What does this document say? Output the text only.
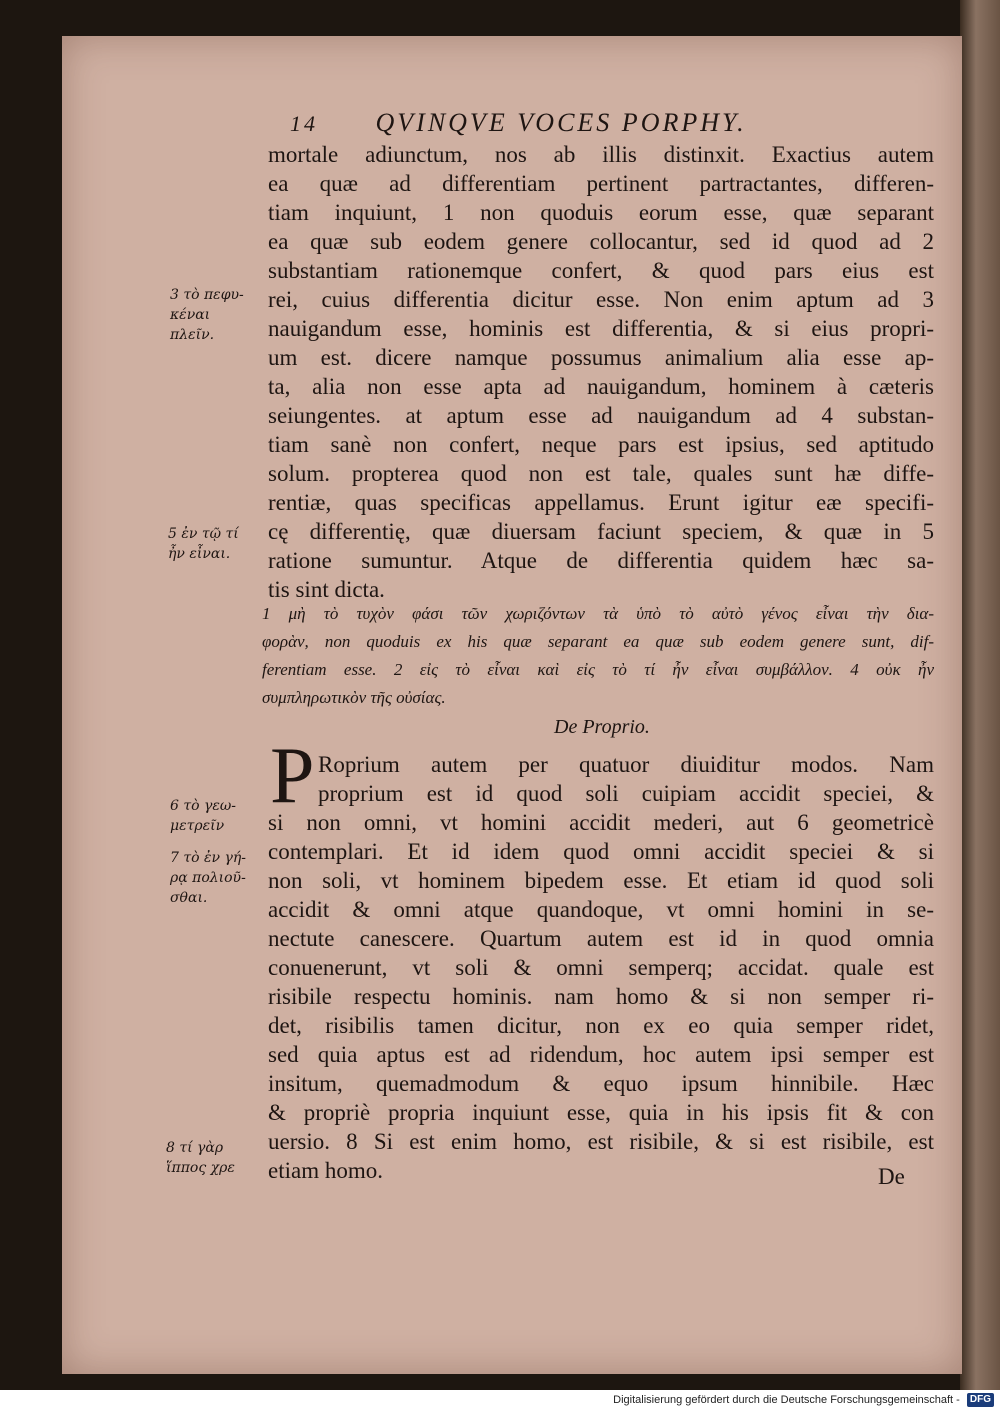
14 QVINQVE VOCES PORPHY.
mortale adiunctum, nos ab illis distinxit. Exactius autem
ea quæ ad differentiam pertinent partractantes, differen-
tiam inquiunt, 1 non quoduis eorum esse, quæ separant
ea quæ sub eodem genere collocantur, sed id quod ad 2
substantiam rationemque confert, & quod pars eius est
rei, cuius differentia dicitur esse. Non enim aptum ad 3
nauigandum esse, hominis est differentia, & si eius propri-
um est. dicere namque possumus animalium alia esse ap-
ta, alia non esse apta ad nauigandum, hominem à cæteris
seiungentes. at aptum esse ad nauigandum ad 4 substan-
tiam sanè non confert, neque pars est ipsius, sed aptitudo
solum. propterea quod non est tale, quales sunt hæ diffe-
rentiæ, quas specificas appellamus. Erunt igitur eæ specifi-
cę differentię, quæ diuersam faciunt speciem, & quæ in 5
ratione sumuntur. Atque de differentia quidem hæc sa-
tis sint dicta.
1 μὴ τὸ τυχὸν φάσι τῶν χωριζόντων τὰ ὑπὸ τὸ αὐτὸ γένος εἶναι τὴν δια-
φορὰν, non quoduis ex his quæ separant ea quæ sub eodem genere sunt, dif-
ferentiam esse. 2 εἰς τὸ εἶναι καὶ εἰς τὸ τί ἦν εἶναι συμβάλλον. 4 οὐκ ἦν
συμπληρωτικὸν τῆς οὐσίας.
De Proprio.
P Roprium autem per quatuor diuiditur modos. Nam
proprium est id quod soli cuipiam accidit speciei, &
si non omni, vt homini accidit mederi, aut 6 geometricè
contemplari. Et id idem quod omni accidit speciei & si
non soli, vt hominem bipedem esse. Et etiam id quod soli
accidit & omni atque quandoque, vt omni homini in se-
nectute canescere. Quartum autem est id in quod omnia
conuenerunt, vt soli & omni semperq; accidat. quale est
risibile respectu hominis. nam homo & si non semper ri-
det, risibilis tamen dicitur, non ex eo quia semper ridet,
sed quia aptus est ad ridendum, hoc autem ipsi semper est
insitum, quemadmodum & equo ipsum hinnibile. Hæc
& propriè propria inquiunt esse, quia in his ipsis fit & con
uersio. 8 Si est enim homo, est risibile, & si est risibile, est
etiam homo.	De
3 τὸ πεφυ-
κέναι
πλεῖν.
5 ἐν τῷ τί
ἦν εἶναι.
6 τὸ γεω-
μετρεῖν
7 τὸ ἐν γή-
ρᾳ πολιοῦ-
σθαι.
8 τί γὰρ
ἵππος χρε
Digitalisierung gefördert durch die Deutsche Forschungsgemeinschaft - DFG
